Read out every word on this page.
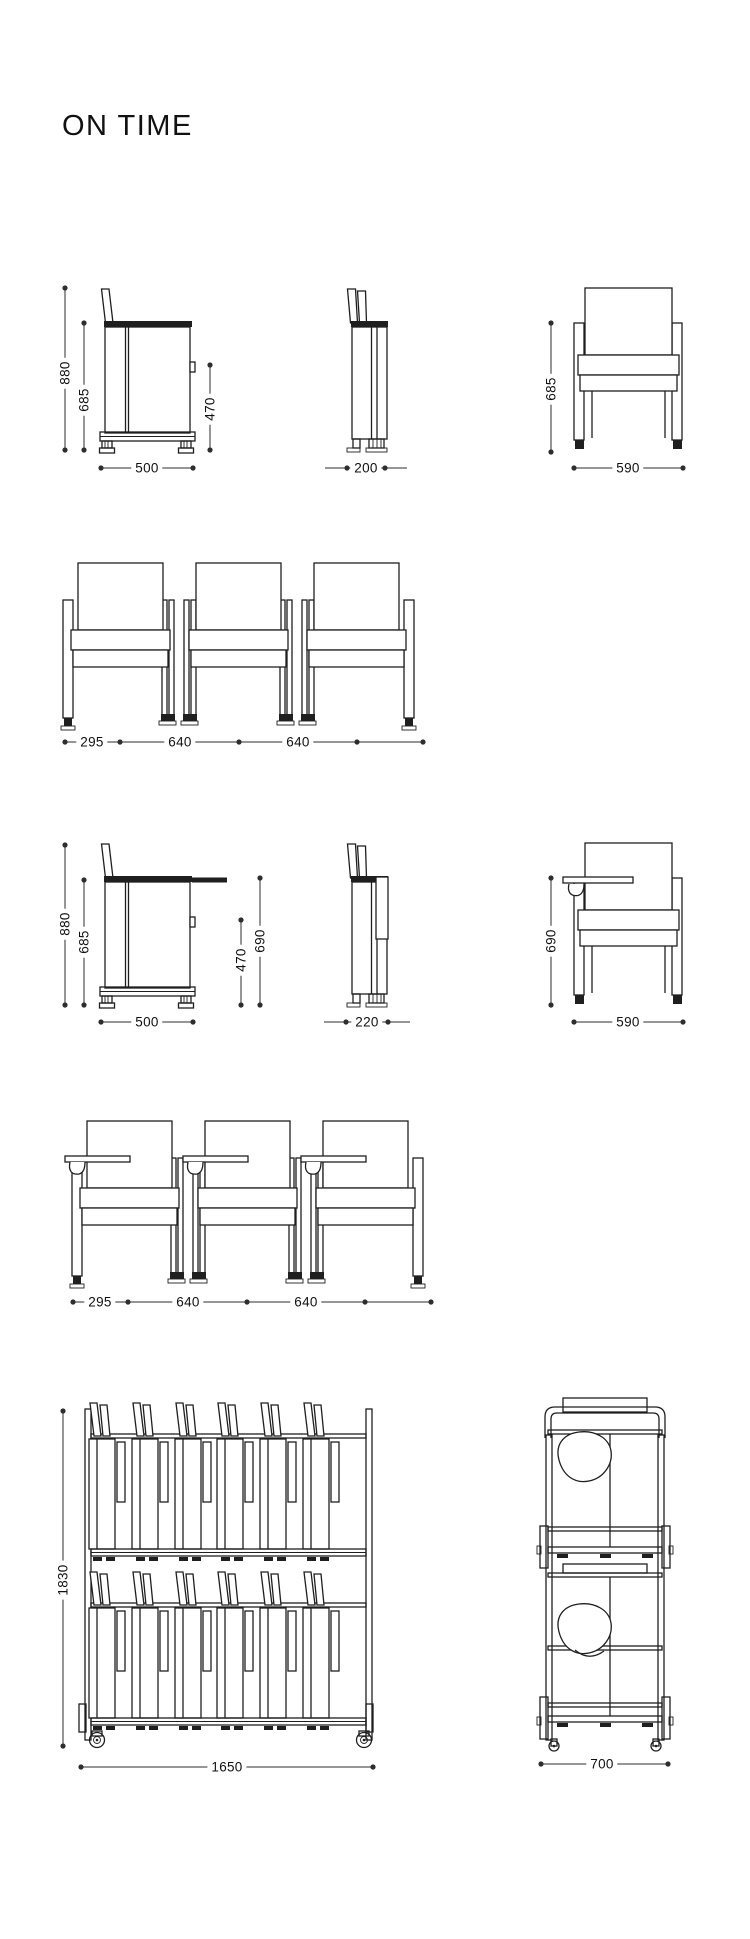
ON TIME
880
685	470
500	200
685
590
295	640	640
880
685
470
690
500	220
690
590
295	640	640
1830
1650	700
